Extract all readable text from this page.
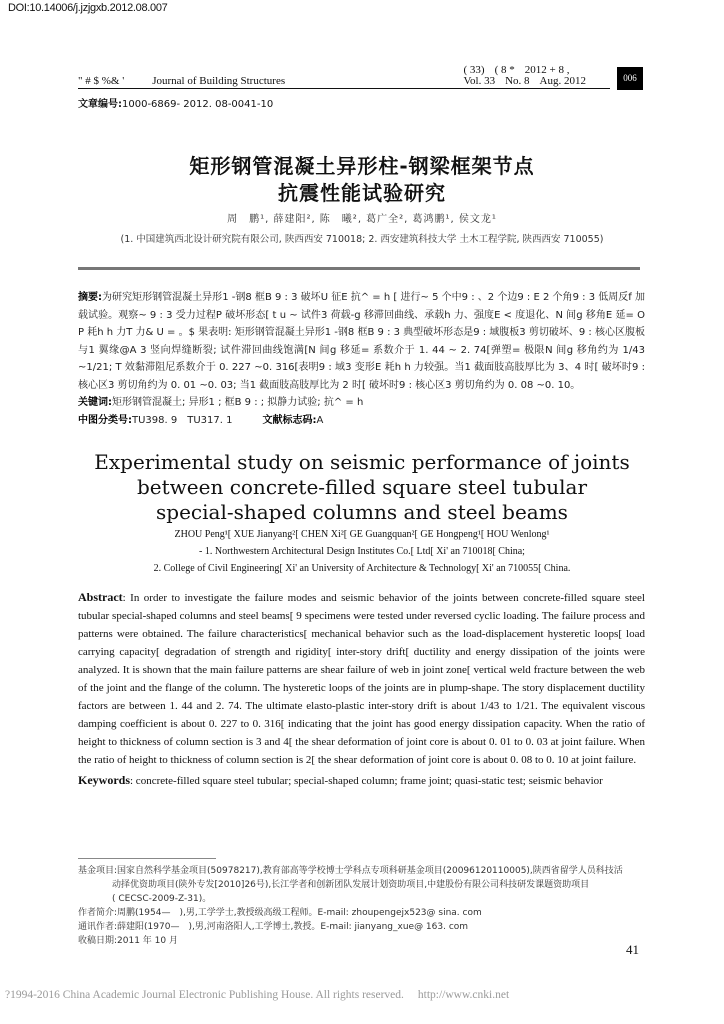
DOI:10.14006/j.jzjgxb.2012.08.007
" # $ %& '	Journal of Building Structures
( 33) ( 8 * 2012 + 8 ,
Vol. 33 No. 8 Aug. 2012	006
文章编号:1000-6869- 2012. 08-0041-10
矩形钢管混凝土异形柱-钢梁框架节点
抗震性能试验研究
周　鹏¹, 薛建阳², 陈　曦², 葛广全², 葛鸿鹏¹, 侯文龙¹
(1. 中国建筑西北设计研究院有限公司, 陕西西安 710018; 2. 西安建筑科技大学 土木工程学院, 陕西西安 710055)
摘要:为研究矩形钢管混凝土异形1 -钢8 框B 9 : 3 破坏U 征E 抗^ = h [ 进行~ 5 个中9 : 、2 个边9 : E 2 个角9 : 3 低周反f 加载试验。观察~ 9 : 3 受力过程P 破坏形态[ t u ~ 试件3 荷载-g 移滞回曲线、承载h 力、强度E < 度退化、N 间g 移角E 延= O P 耗h h 力T 力& U = 。$ 果表明: 矩形钢管混凝土异形1 -钢8 框B 9 : 3 典型破坏形态是9 : 域腹板3 剪切破坏、9 : 核心区腹板与1 翼缘@A 3 竖向焊缝断裂; 试件滞回曲线饱满[N 间g 移延= 系数介于 1. 44 ~ 2. 74[弹塑= 极限N 间g 移角约为 1/43 ~1/21; T 效黏滞阻尼系数介于 0. 227 ~0. 316[表明9 : 域3 变形E 耗h h 力较强。当1 截面肢高肢厚比为 3、4 时[ 破坏时9 : 核心区3 剪切角约为 0. 01 ~0. 03; 当1 截面肢高肢厚比为 2 时[ 破坏时9 : 核心区3 剪切角约为 0. 08 ~0. 10。
关键词:矩形钢管混凝土; 异形1 ; 框B 9 : ; 拟静力试验; 抗^ = h
中图分类号:TU398. 9　TU317. 1	文献标志码:A
Experimental study on seismic performance of joints
between concrete-filled square steel tubular
special-shaped columns and steel beams
ZHOU Peng¹[ XUE Jianyang²[ CHEN Xi²[ GE Guangquan²[ GE Hongpeng¹[ HOU Wenlong¹
- 1. Northwestern Architectural Design Institutes Co.[ Ltd[ Xi' an 710018[ China;
2. College of Civil Engineering[ Xi' an University of Architecture & Technology[ Xi' an 710055[ China.
Abstract: In order to investigate the failure modes and seismic behavior of the joints between concrete-filled square steel tubular special-shaped columns and steel beams[ 9 specimens were tested under reversed cyclic loading. The failure process and patterns were obtained. The failure characteristics[ mechanical behavior such as the load-displacement hysteretic loops[ load carrying capacity[ degradation of strength and rigidity[ inter-story drift[ ductility and energy dissipation of the joints were analyzed. It is shown that the main failure patterns are shear failure of web in joint zone[ vertical weld fracture between the web of the joint and the flange of the column. The hysteretic loops of the joints are in plump-shape. The story displacement ductility factors are between 1. 44 and 2. 74. The ultimate elasto-plastic inter-story drift is about 1/43 to 1/21. The equivalent viscous damping coefficient is about 0. 227 to 0. 316[ indicating that the joint has good energy dissipation capacity. When the ratio of height to thickness of column section is 3 and 4[ the shear deformation of joint core is about 0. 01 to 0. 03 at joint failure. When the ratio of height to thickness of column section is 2[ the shear deformation of joint core is about 0. 08 to 0. 10 at joint failure.
Keywords: concrete-filled square steel tubular; special-shaped column; frame joint; quasi-static test; seismic behavior
基金项目:国家自然科学基金项目(50978217),教育部高等学校博士学科点专项科研基金项目(20096120110005),陕西省留学人员科技活
动择优资助项目(陕外专发[2010]26号),长江学者和创新团队发展计划资助项目,中建股份有限公司科技研发课题资助项目
( CECSC-2009-Z-31)。
作者简介:周鹏(1954—　),男,工学学士,教授级高级工程师。E-mail: zhoupengejx523@ sina. com
通讯作者:薛建阳(1970—　),男,河南洛阳人,工学博士,教授。E-mail: jianyang_xue@ 163. com
收稿日期:2011 年 10 月
41
?1994-2016 China Academic Journal Electronic Publishing House. All rights reserved. http://www.cnki.net
